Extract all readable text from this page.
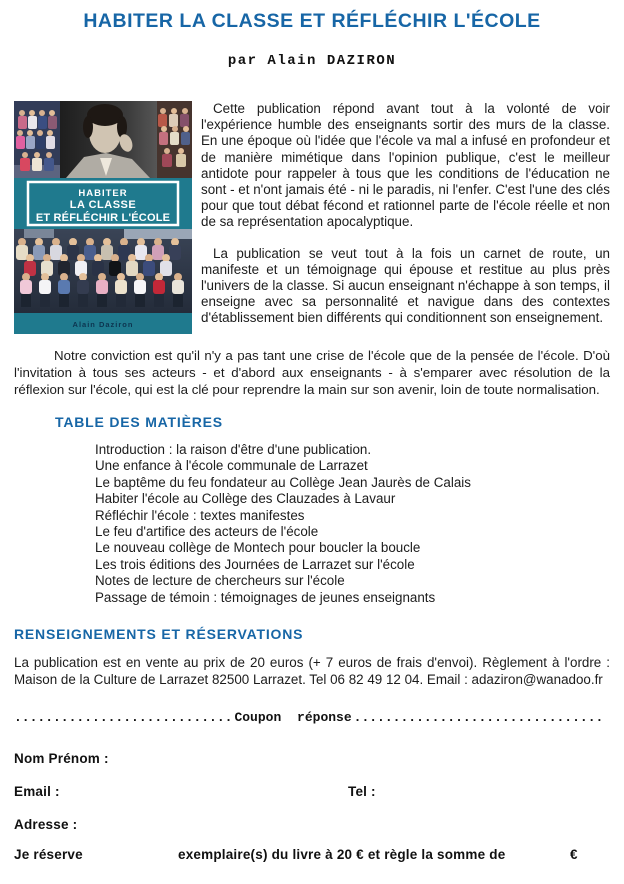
HABITER LA CLASSE ET RÉFLÉCHIR L'ÉCOLE
par Alain DAZIRON
HABITER
LA CLASSE
ET RÉFLÉCHIR L'ÉCOLE
Alain Daziron

Cette publication répond avant tout à la volonté de voir l'expérience humble des enseignants sortir des murs de la classe. En une époque où l'idée que l'école va mal a infusé en profondeur et de manière mimétique dans l'opinion publique, c'est le meilleur antidote pour rappeler à tous que les conditions de l'éducation ne sont - et n'ont jamais été - ni le paradis, ni l'enfer. C'est l'une des clés pour que tout débat fécond et rationnel parte de l'école réelle et non de sa représentation apocalyptique.

La publication se veut tout à la fois un carnet de route, un manifeste et un témoignage qui épouse et restitue au plus près l'univers de la classe. Si aucun enseignant n'échappe à son temps, il enseigne avec sa personnalité et navigue dans des contextes d'établissement bien différents qui conditionnent son enseignement.

Notre conviction est qu'il n'y a pas tant une crise de l'école que de la pensée de l'école. D'où l'invitation à tous ses acteurs - et d'abord aux enseignants - à s'emparer avec résolution de la réflexion sur l'école, qui est la clé pour reprendre la main sur son avenir, loin de toute normalisation.

TABLE DES MATIÈRES
Introduction : la raison d'être d'une publication.
Une enfance à l'école communale de Larrazet
Le baptême du feu fondateur au Collège Jean Jaurès de Calais
Habiter l'école au Collège des Clauzades à Lavaur
Réfléchir l'école : textes manifestes
Le feu d'artifice des acteurs de l'école
Le nouveau collège de Montech pour boucler la boucle
Les trois éditions des Journées de Larrazet sur l'école
Notes de lecture de chercheurs sur l'école
Passage de témoin : témoignages de jeunes enseignants
RENSEIGNEMENTS ET RÉSERVATIONS

La publication est en vente au prix de 20 euros (+ 7 euros de frais d'envoi). Règlement à l'ordre : Maison de la Culture de Larrazet 82500 Larrazet. Tel 06 82 49 12 04. Email : adaziron@wanadoo.fr

............................ Coupon réponse ................................
Nom Prénom :
Email :	Tel :
Adresse :
Je réserve	exemplaire(s) du livre à 20 € et règle la somme de	€
